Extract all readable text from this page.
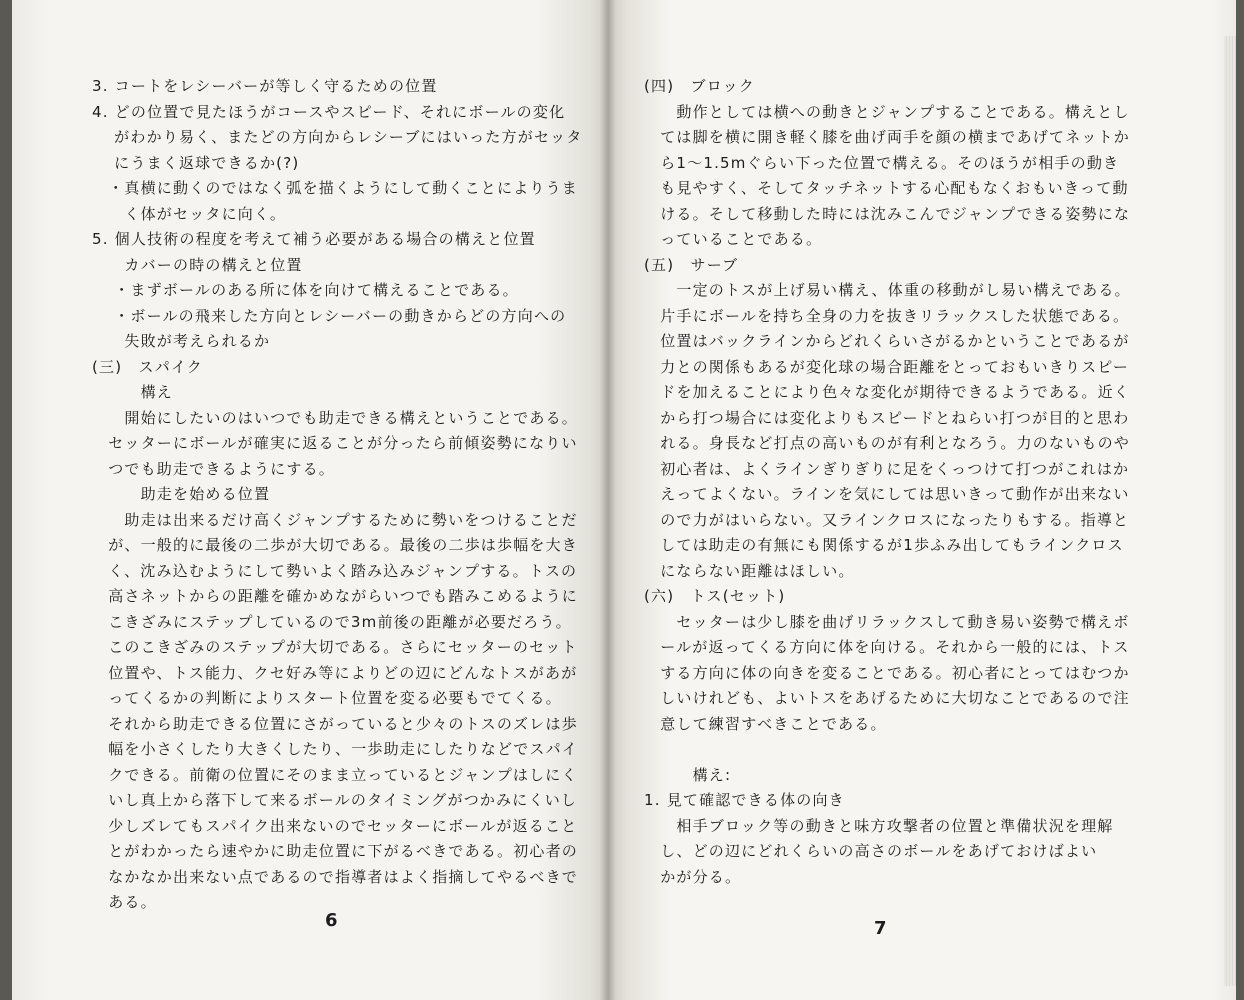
3. コートをレシーバーが等しく守るための位置
4. どの位置で見たほうがコースやスピード、それにボールの変化
　 がわかり易く、またどの方向からレシーブにはいった方がセッタ
　 にうまく返球できるか(?)
　・真横に動くのではなく弧を描くようにして動くことによりうま
　　く体がセッタに向く。
5. 個人技術の程度を考えて補う必要がある場合の構えと位置
　　カバーの時の構えと位置
　 ・まずボールのある所に体を向けて構えることである。
　 ・ボールの飛来した方向とレシーバーの動きからどの方向への
　　失敗が考えられるか
(三)　スパイク
　　　構え
　　開始にしたいのはいつでも助走できる構えということである。
　セッターにボールが確実に返ることが分ったら前傾姿勢になりい
　つでも助走できるようにする。
　　　助走を始める位置
　　助走は出来るだけ高くジャンプするために勢いをつけることだ
　が、一般的に最後の二歩が大切である。最後の二歩は歩幅を大き
　く、沈み込むようにして勢いよく踏み込みジャンプする。トスの
　高さネットからの距離を確かめながらいつでも踏みこめるように
　こきざみにステップしているので3m前後の距離が必要だろう。
　このこきざみのステップが大切である。さらにセッターのセット
　位置や、トス能力、クセ好み等によりどの辺にどんなトスがあが
　ってくるかの判断によりスタート位置を変る必要もでてくる。
　それから助走できる位置にさがっていると少々のトスのズレは歩
　幅を小さくしたり大きくしたり、一歩助走にしたりなどでスパイ
　クできる。前衛の位置にそのまま立っているとジャンプはしにく
　いし真上から落下して来るボールのタイミングがつかみにくいし
　少しズレてもスパイク出来ないのでセッターにボールが返ること
　とがわかったら速やかに助走位置に下がるべきである。初心者の
　なかなか出来ない点であるので指導者はよく指摘してやるべきで
　ある。
6
(四)　ブロック
　　動作としては横への動きとジャンプすることである。構えとし
　ては脚を横に開き軽く膝を曲げ両手を顔の横まであげてネットか
　ら1～1.5mぐらい下った位置で構える。そのほうが相手の動き
　も見やすく、そしてタッチネットする心配もなくおもいきって動
　ける。そして移動した時には沈みこんでジャンプできる姿勢にな
　っていることである。
(五)　サーブ
　　一定のトスが上げ易い構え、体重の移動がし易い構えである。
　片手にボールを持ち全身の力を抜きリラックスした状態である。
　位置はバックラインからどれくらいさがるかということであるが
　力との関係もあるが変化球の場合距離をとっておもいきりスピー
　ドを加えることにより色々な変化が期待できるようである。近く
　から打つ場合には変化よりもスピードとねらい打つが目的と思わ
　れる。身長など打点の高いものが有利となろう。力のないものや
　初心者は、よくラインぎりぎりに足をくっつけて打つがこれはか
　えってよくない。ラインを気にしては思いきって動作が出来ない
　ので力がはいらない。又ラインクロスになったりもする。指導と
　しては助走の有無にも関係するが1歩ふみ出してもラインクロス
　にならない距離はほしい。
(六)　トス(セット)
　　セッターは少し膝を曲げリラックスして動き易い姿勢で構えボ
　ールが返ってくる方向に体を向ける。それから一般的には、トス
　する方向に体の向きを変ることである。初心者にとってはむつか
　しいけれども、よいトスをあげるために大切なことであるので注
　意して練習すべきことである。
　　　構え:
1. 見て確認できる体の向き
　　相手ブロック等の動きと味方攻撃者の位置と準備状況を理解
　し、どの辺にどれくらいの高さのボールをあげておけばよい
　かが分る。
7
